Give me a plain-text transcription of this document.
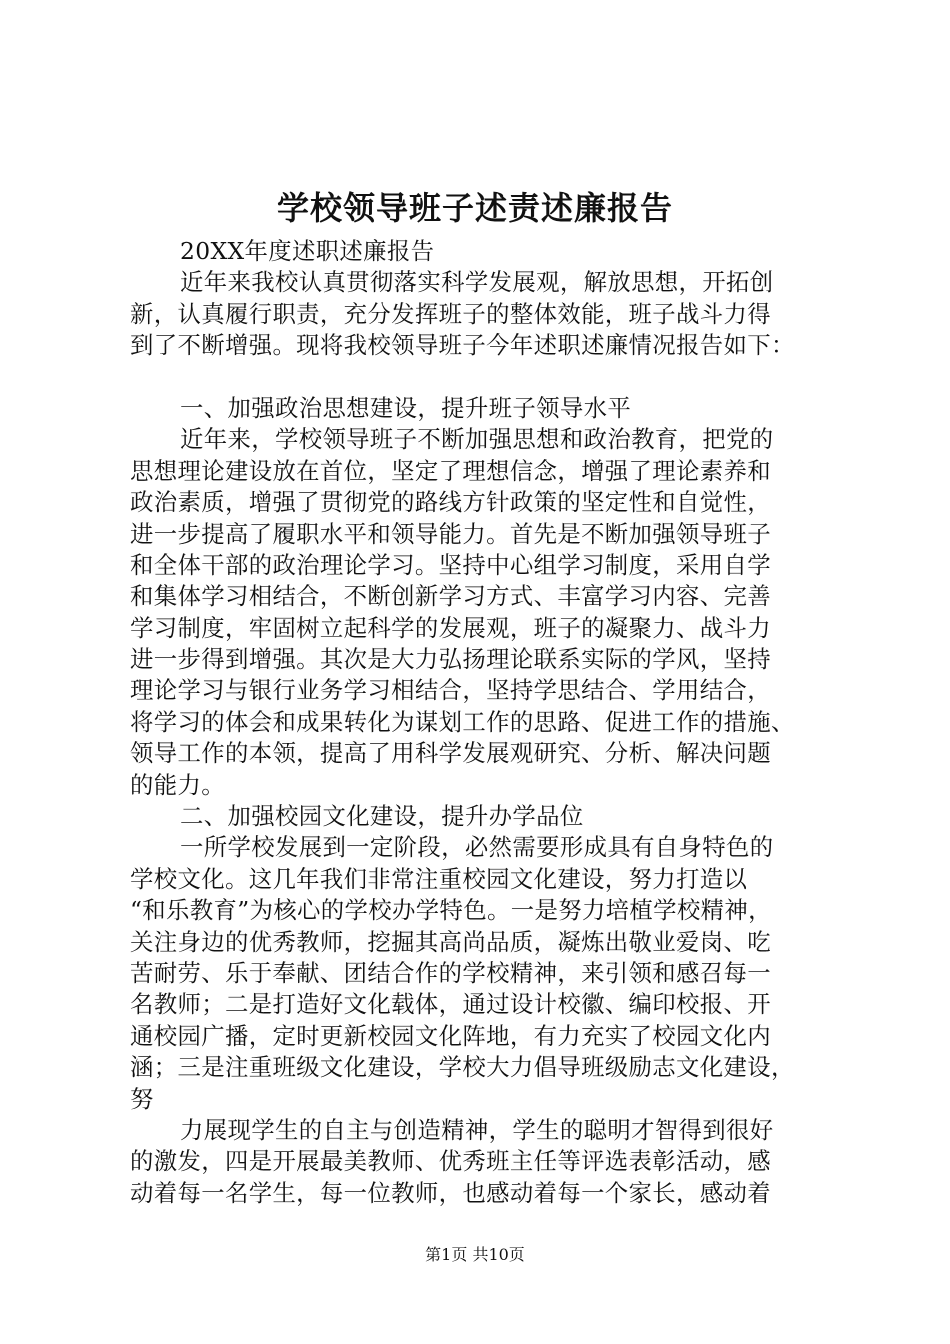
学校领导班子述责述廉报告
20XX年度述职述廉报告
近年来我校认真贯彻落实科学发展观，解放思想，开拓创
新，认真履行职责，充分发挥班子的整体效能，班子战斗力得
到了不断增强。现将我校领导班子今年述职述廉情况报告如下：
一、加强政治思想建设，提升班子领导水平
近年来，学校领导班子不断加强思想和政治教育，把党的
思想理论建设放在首位，坚定了理想信念，增强了理论素养和
政治素质，增强了贯彻党的路线方针政策的坚定性和自觉性，
进一步提高了履职水平和领导能力。首先是不断加强领导班子
和全体干部的政治理论学习。坚持中心组学习制度，采用自学
和集体学习相结合，不断创新学习方式、丰富学习内容、完善
学习制度，牢固树立起科学的发展观，班子的凝聚力、战斗力
进一步得到增强。其次是大力弘扬理论联系实际的学风，坚持
理论学习与银行业务学习相结合，坚持学思结合、学用结合，
将学习的体会和成果转化为谋划工作的思路、促进工作的措施、
领导工作的本领，提高了用科学发展观研究、分析、解决问题
的能力。
二、加强校园文化建设，提升办学品位
一所学校发展到一定阶段，必然需要形成具有自身特色的
学校文化。这几年我们非常注重校园文化建设，努力打造以
“和乐教育”为核心的学校办学特色。一是努力培植学校精神，
关注身边的优秀教师，挖掘其高尚品质，凝炼出敬业爱岗、吃
苦耐劳、乐于奉献、团结合作的学校精神，来引领和感召每一
名教师；二是打造好文化载体，通过设计校徽、编印校报、开
通校园广播，定时更新校园文化阵地，有力充实了校园文化内
涵；三是注重班级文化建设，学校大力倡导班级励志文化建设，
努
力展现学生的自主与创造精神，学生的聪明才智得到很好
的激发，四是开展最美教师、优秀班主任等评选表彰活动，感
动着每一名学生，每一位教师，也感动着每一个家长，感动着
第1页 共10页
